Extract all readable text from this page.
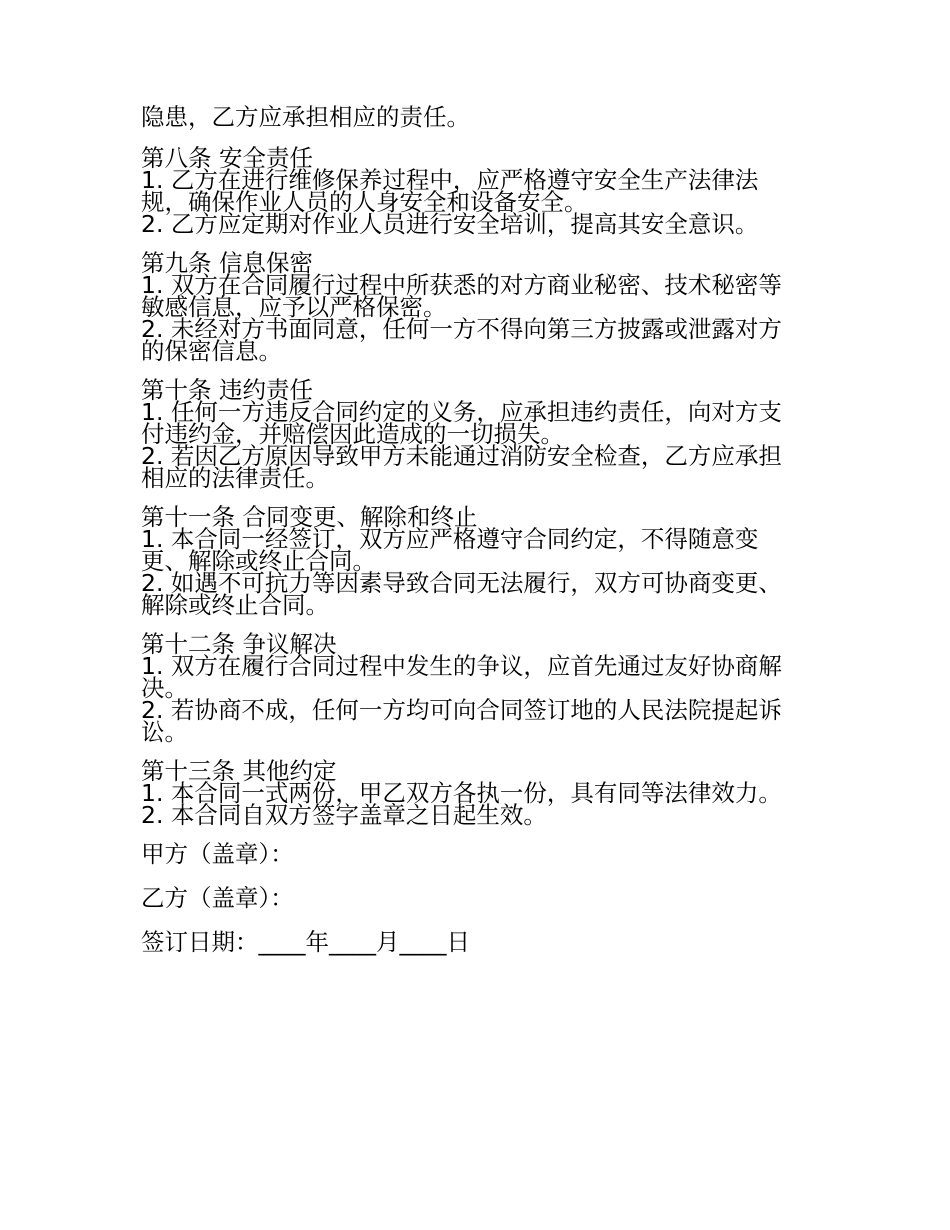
隐患，乙方应承担相应的责任。

第八条 安全责任

1. 乙方在进行维修保养过程中，应严格遵守安全生产法律法规，确保作业人员的人身安全和设备安全。

2. 乙方应定期对作业人员进行安全培训，提高其安全意识。

第九条 信息保密

1. 双方在合同履行过程中所获悉的对方商业秘密、技术秘密等敏感信息，应予以严格保密。

2. 未经对方书面同意，任何一方不得向第三方披露或泄露对方的保密信息。

第十条 违约责任

1. 任何一方违反合同约定的义务，应承担违约责任，向对方支付违约金，并赔偿因此造成的一切损失。

2. 若因乙方原因导致甲方未能通过消防安全检查，乙方应承担相应的法律责任。

第十一条 合同变更、解除和终止

1. 本合同一经签订，双方应严格遵守合同约定，不得随意变更、解除或终止合同。

2. 如遇不可抗力等因素导致合同无法履行，双方可协商变更、解除或终止合同。

第十二条 争议解决

1. 双方在履行合同过程中发生的争议，应首先通过友好协商解决。

2. 若协商不成，任何一方均可向合同签订地的人民法院提起诉讼。

第十三条 其他约定

1. 本合同一式两份，甲乙双方各执一份，具有同等法律效力。

2. 本合同自双方签字盖章之日起生效。

甲方（盖章）：

乙方（盖章）：

签订日期：____年____月____日
